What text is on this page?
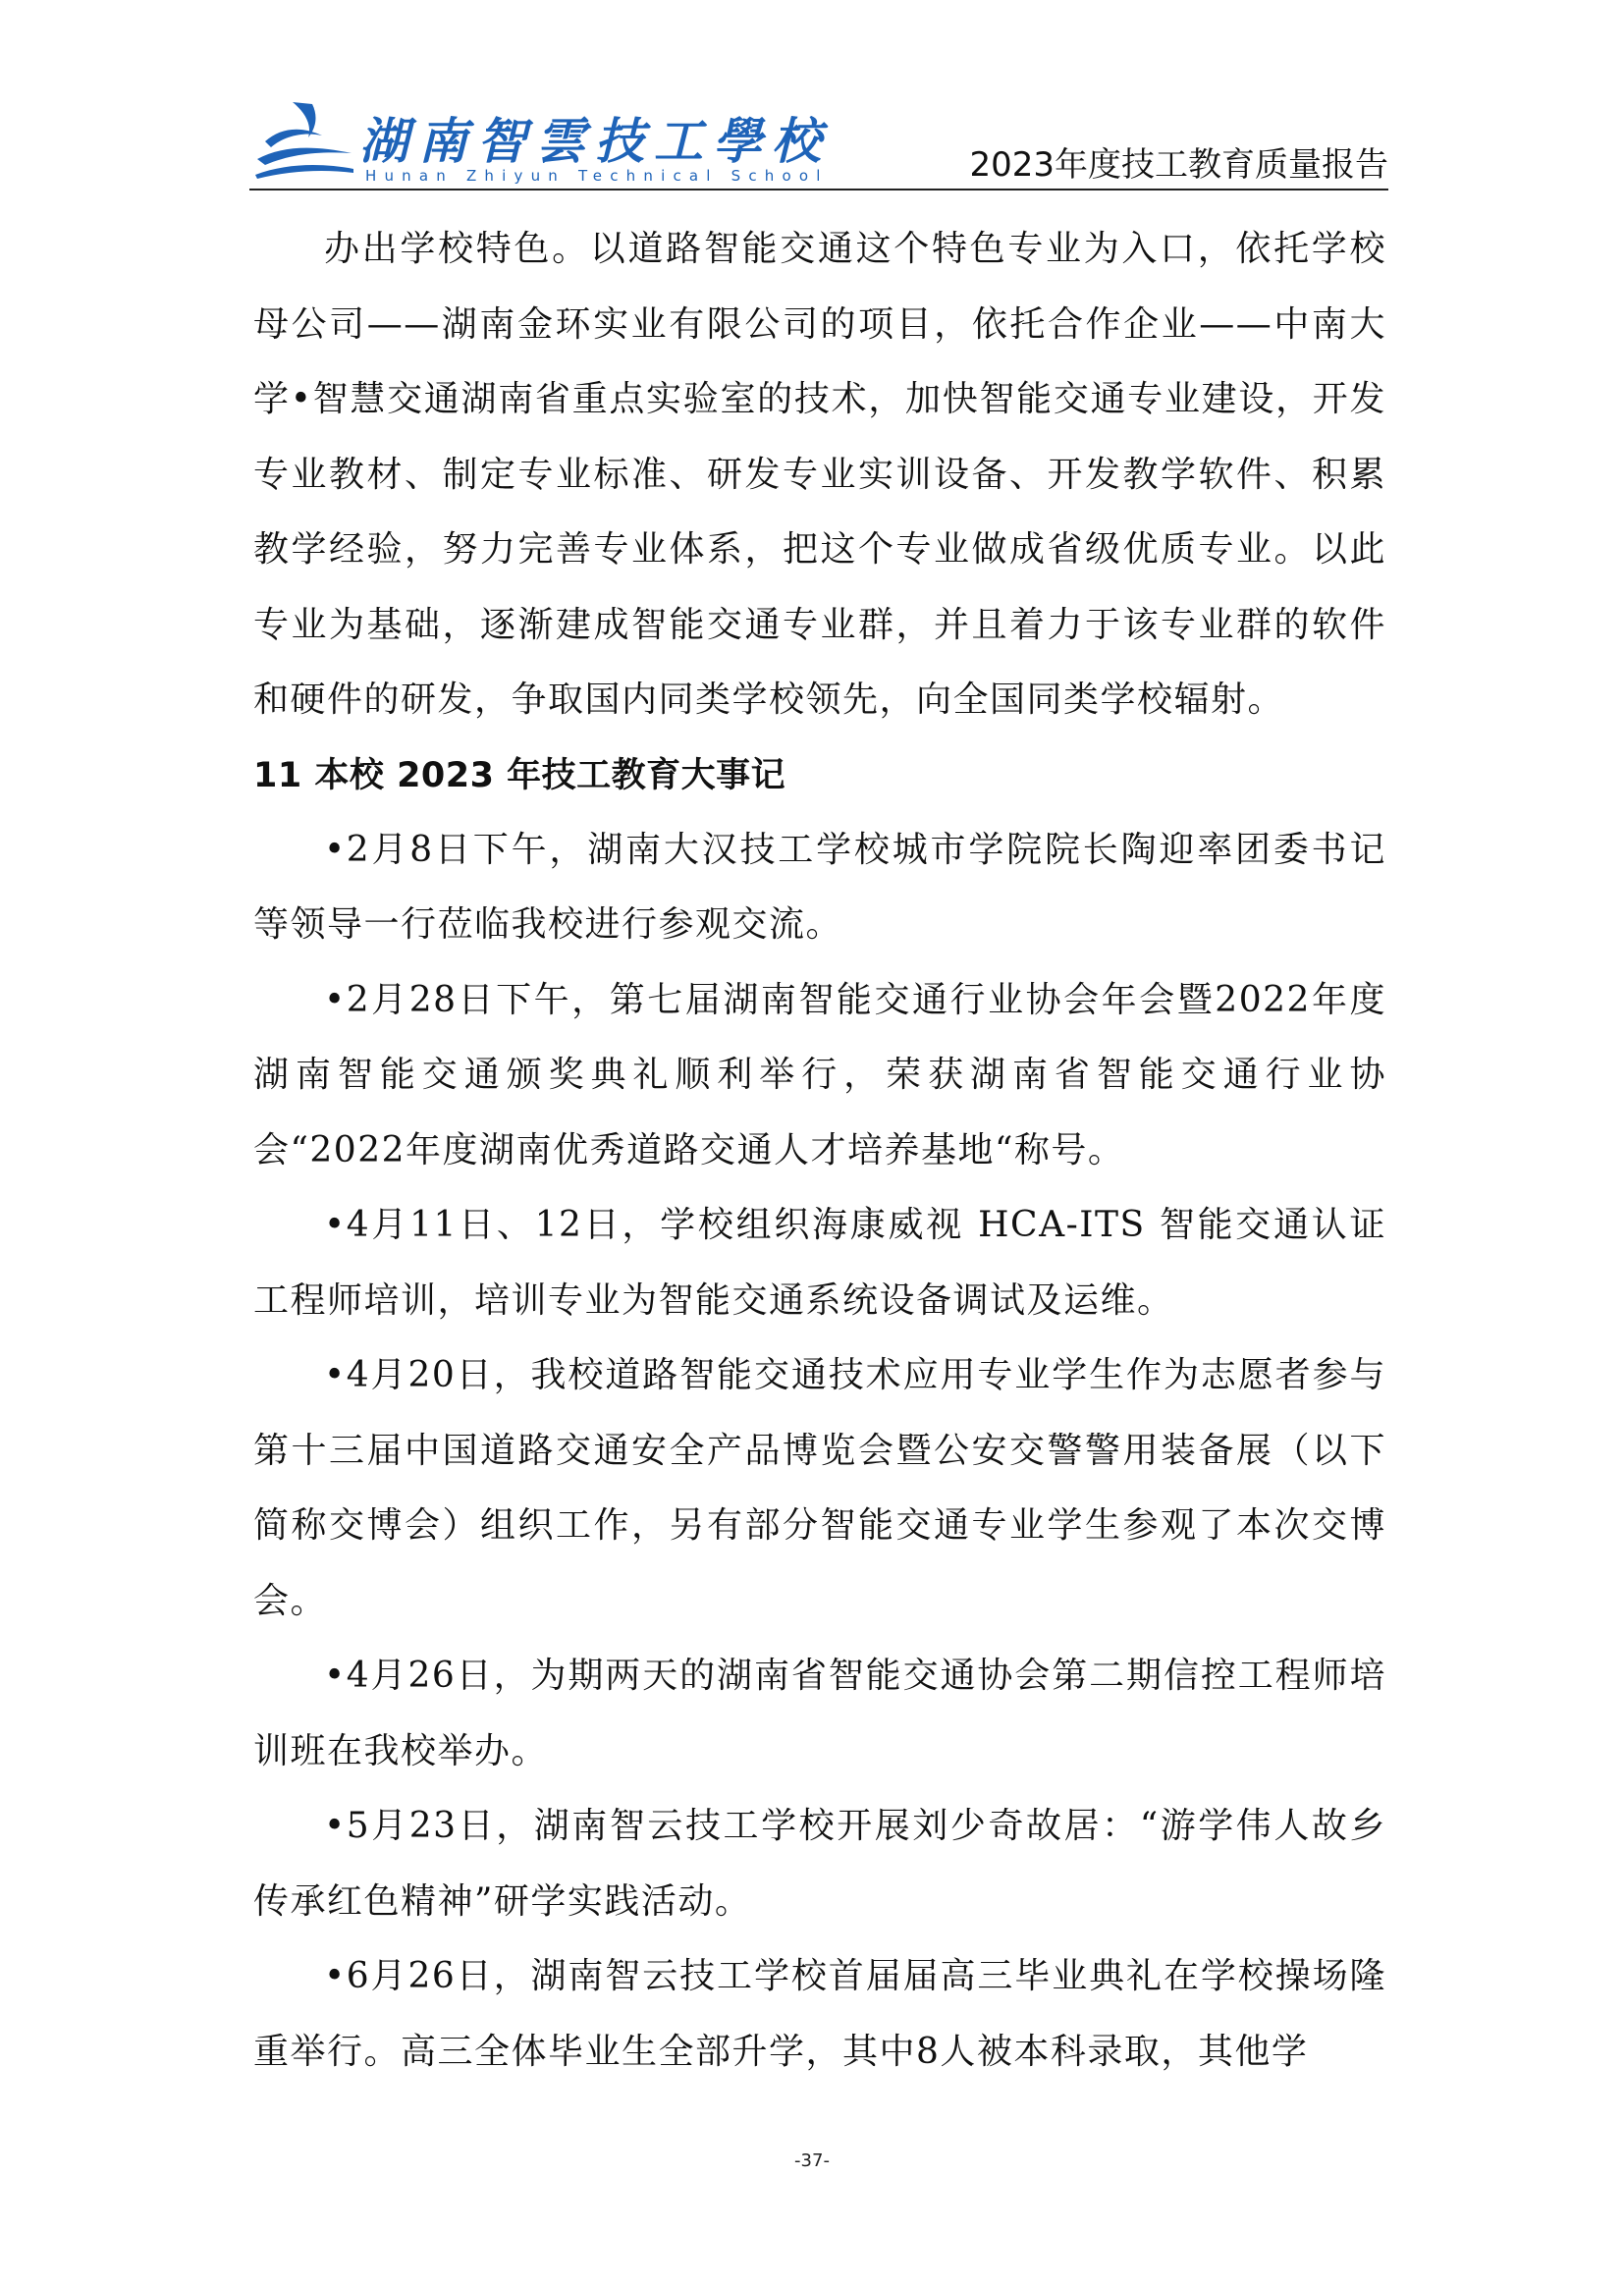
湖南智雲技工學校
Hunan Zhiyun Technical School	2023年度技工教育质量报告

办出学校特色。以道路智能交通这个特色专业为入口，依托学校母公司——湖南金环实业有限公司的项目，依托合作企业——中南大学•智慧交通湖南省重点实验室的技术，加快智能交通专业建设，开发专业教材、制定专业标准、研发专业实训设备、开发教学软件、积累教学经验，努力完善专业体系，把这个专业做成省级优质专业。以此专业为基础，逐渐建成智能交通专业群，并且着力于该专业群的软件和硬件的研发，争取国内同类学校领先，向全国同类学校辐射。

11 本校 2023 年技工教育大事记

•2月8日下午，湖南大汉技工学校城市学院院长陶迎率团委书记等领导一行莅临我校进行参观交流。

•2月28日下午，第七届湖南智能交通行业协会年会暨2022年度湖南智能交通颁奖典礼顺利举行，荣获湖南省智能交通行业协会“2022年度湖南优秀道路交通人才培养基地“称号。

•4月11日、12日，学校组织海康威视 HCA-ITS 智能交通认证工程师培训，培训专业为智能交通系统设备调试及运维。

•4月20日，我校道路智能交通技术应用专业学生作为志愿者参与第十三届中国道路交通安全产品博览会暨公安交警警用装备展（以下简称交博会）组织工作，另有部分智能交通专业学生参观了本次交博会。

•4月26日，为期两天的湖南省智能交通协会第二期信控工程师培训班在我校举办。

•5月23日，湖南智云技工学校开展刘少奇故居：“游学伟人故乡传承红色精神”研学实践活动。

•6月26日，湖南智云技工学校首届届高三毕业典礼在学校操场隆重举行。高三全体毕业生全部升学，其中8人被本科录取，其他学

-37-
